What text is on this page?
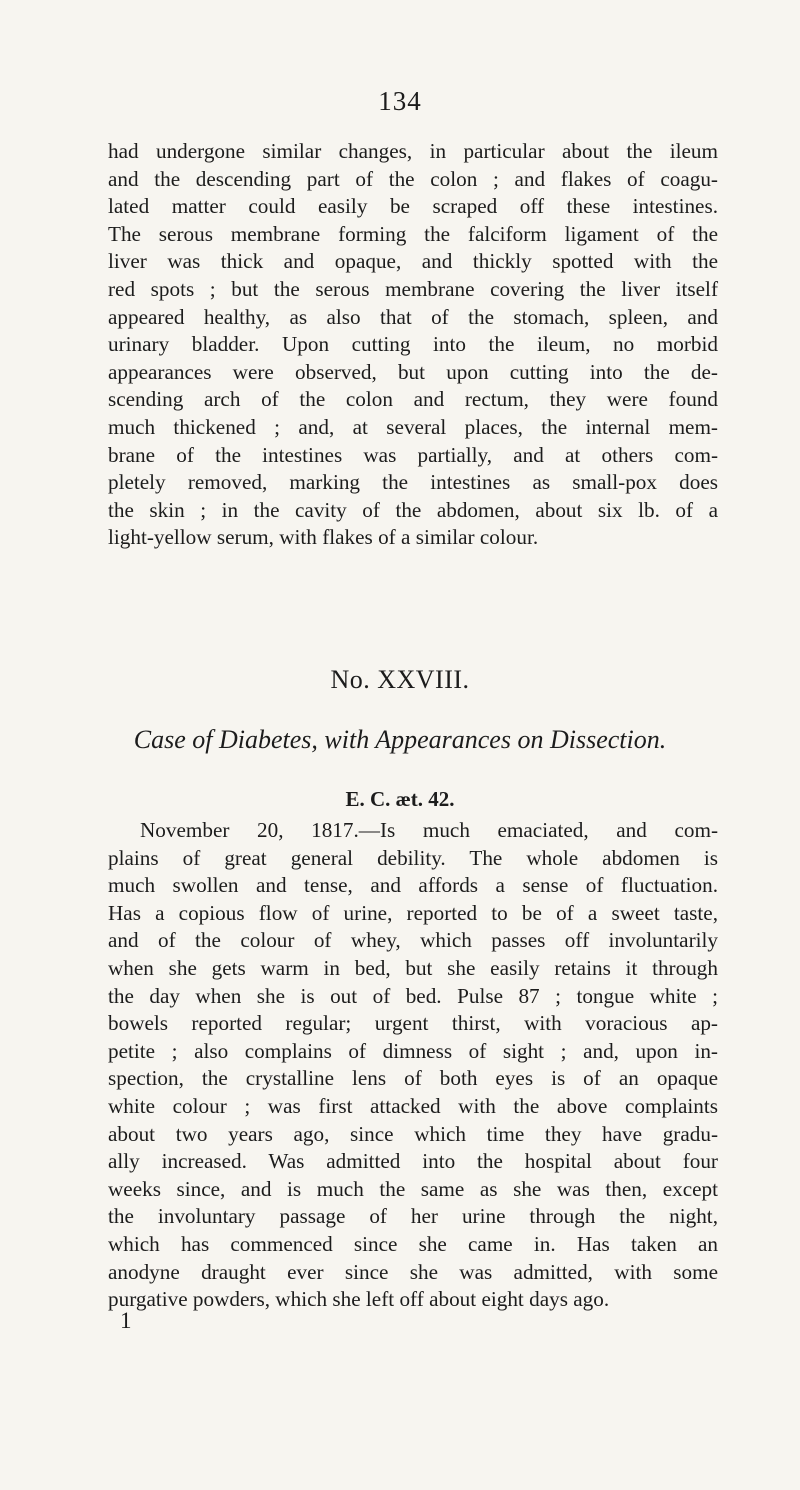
134
had undergone similar changes, in particular about the ileum
and the descending part of the colon ; and flakes of coagu-
lated matter could easily be scraped off these intestines.
The serous membrane forming the falciform ligament of the
liver was thick and opaque, and thickly spotted with the
red spots ; but the serous membrane covering the liver itself
appeared healthy, as also that of the stomach, spleen, and
urinary bladder. Upon cutting into the ileum, no morbid
appearances were observed, but upon cutting into the de-
scending arch of the colon and rectum, they were found
much thickened ; and, at several places, the internal mem-
brane of the intestines was partially, and at others com-
pletely removed, marking the intestines as small-pox does
the skin ; in the cavity of the abdomen, about six lb. of a
light-yellow serum, with flakes of a similar colour.
No. XXVIII.
Case of Diabetes, with Appearances on Dissection.
E. C. æt. 42.
November 20, 1817.—Is much emaciated, and com-
plains of great general debility. The whole abdomen is
much swollen and tense, and affords a sense of fluctuation.
Has a copious flow of urine, reported to be of a sweet taste,
and of the colour of whey, which passes off involuntarily
when she gets warm in bed, but she easily retains it through
the day when she is out of bed. Pulse 87 ; tongue white ;
bowels reported regular; urgent thirst, with voracious ap-
petite ; also complains of dimness of sight ; and, upon in-
spection, the crystalline lens of both eyes is of an opaque
white colour ; was first attacked with the above complaints
about two years ago, since which time they have gradu-
ally increased. Was admitted into the hospital about four
weeks since, and is much the same as she was then, except
the involuntary passage of her urine through the night,
which has commenced since she came in. Has taken an
anodyne draught ever since she was admitted, with some
purgative powders, which she left off about eight days ago.
1
